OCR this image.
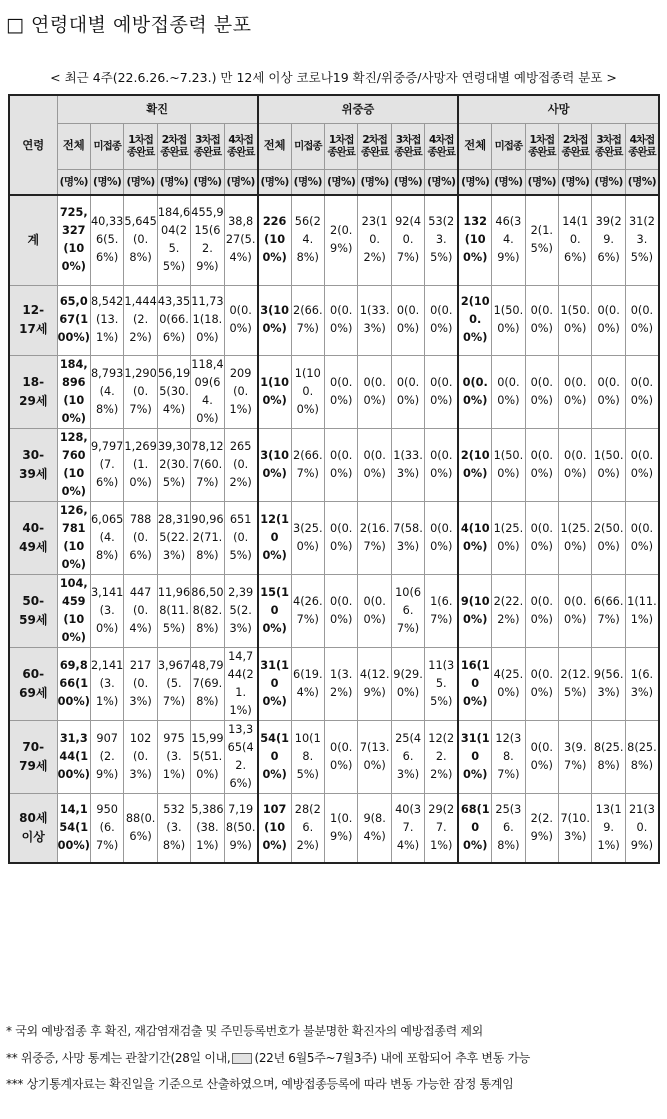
□ 연령대별 예방접종력 분포
< 최근 4주(22.6.26.~7.23.) 만 12세 이상 코로나19 확진/위중증/사망자 연령대별 예방접종력 분포 >
연령	확진						위중증						사망					

	전체	미접종	1차접종완료	2차접종완료	3차접종완료	4차접종완료	전체	미접종	1차접종완료	2차접종완료	3차접종완료	4차접종완료	전체	미접종	1차접종완료	2차접종완료	3차접종완료	4차접종완료

	(명%)	(명%)	(명%)	(명%)	(명%)	(명%)	(명%)	(명%)	(명%)	(명%)	(명%)	(명%)	(명%)	(명%)	(명%)	(명%)	(명%)	(명%)

계	725,327(100%)	40,336(5.6%)	5,645(0.8%)	184,604(25.5%)	455,915(62.9%)	38,827(5.4%)	226(100%)	56(24.8%)	2(0.9%)	23(10.2%)	92(40.7%)	53(23.5%)	132(100%)	46(34.9%)	2(1.5%)	14(10.6%)	39(29.6%)	31(23.5%)

12-17세	65,067(100%)	8,542(13.1%)	1,444(2.2%)	43,350(66.6%)	11,731(18.0%)	0(0.0%)	3(100%)	2(66.7%)	0(0.0%)	1(33.3%)	0(0.0%)	0(0.0%)	2(100.0%)	1(50.0%)	0(0.0%)	1(50.0%)	0(0.0%)	0(0.0%)

18-29세	184,896(100%)	8,793(4.8%)	1,290(0.7%)	56,195(30.4%)	118,409(64.0%)	209(0.1%)	1(100%)	1(100.0%)	0(0.0%)	0(0.0%)	0(0.0%)	0(0.0%)	0(0.0%)	0(0.0%)	0(0.0%)	0(0.0%)	0(0.0%)	0(0.0%)

30-39세	128,760(100%)	9,797(7.6%)	1,269(1.0%)	39,302(30.5%)	78,127(60.7%)	265(0.2%)	3(100%)	2(66.7%)	0(0.0%)	0(0.0%)	1(33.3%)	0(0.0%)	2(100%)	1(50.0%)	0(0.0%)	0(0.0%)	1(50.0%)	0(0.0%)

40-49세	126,781(100%)	6,065(4.8%)	788(0.6%)	28,315(22.3%)	90,962(71.8%)	651(0.5%)	12(100%)	3(25.0%)	0(0.0%)	2(16.7%)	7(58.3%)	0(0.0%)	4(100%)	1(25.0%)	0(0.0%)	1(25.0%)	2(50.0%)	0(0.0%)

50-59세	104,459(100%)	3,141(3.0%)	447(0.4%)	11,968(11.5%)	86,508(82.8%)	2,395(2.3%)	15(100%)	4(26.7%)	0(0.0%)	0(0.0%)	10(66.7%)	1(6.7%)	9(100%)	2(22.2%)	0(0.0%)	0(0.0%)	6(66.7%)	1(11.1%)

60-69세	69,866(100%)	2,141(3.1%)	217(0.3%)	3,967(5.7%)	48,797(69.8%)	14,744(21.1%)	31(100%)	6(19.4%)	1(3.2%)	4(12.9%)	9(29.0%)	11(35.5%)	16(100%)	4(25.0%)	0(0.0%)	2(12.5%)	9(56.3%)	1(6.3%)

70-79세	31,344(100%)	907(2.9%)	102(0.3%)	975(3.1%)	15,995(51.0%)	13,365(42.6%)	54(100%)	10(18.5%)	0(0.0%)	7(13.0%)	25(46.3%)	12(22.2%)	31(100%)	12(38.7%)	0(0.0%)	3(9.7%)	8(25.8%)	8(25.8%)

80세이상	14,154(100%)	950(6.7%)	88(0.6%)	532(3.8%)	5,386(38.1%)	7,198(50.9%)	107(100%)	28(26.2%)	1(0.9%)	9(8.4%)	40(37.4%)	29(27.1%)	68(100%)	25(36.8%)	2(2.9%)	7(10.3%)	13(19.1%)	21(30.9%)
* 국외 예방접종 후 확진, 재감염재검출 및 주민등록번호가 불분명한 확진자의 예방접종력 제외
** 위중증, 사망 통계는 관찰기간(28일 이내, (22년 6월5주~7월3주) 내에 포함되어 추후 변동 가능
*** 상기통계자료는 확진일을 기준으로 산출하였으며, 예방접종등록에 따라 변동 가능한 잠정 통계임
